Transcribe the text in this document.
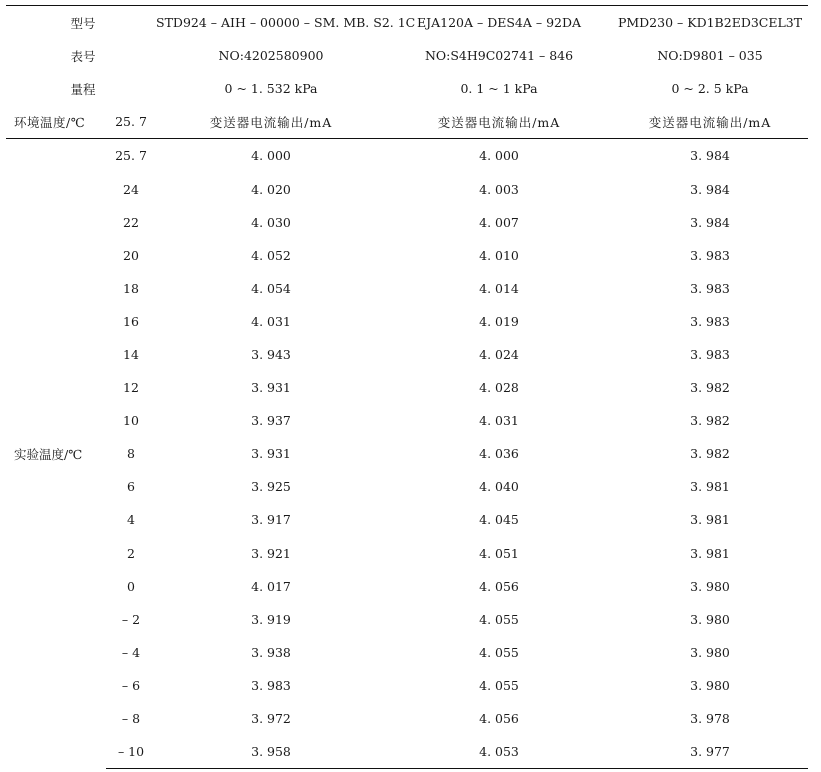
型号		STD924 – AIH – 00000 – SM. MB. S2. 1C	EJA120A – DES4A – 92DA	PMD230 – KD1B2ED3CEL3T
表号		NO:4202580900	NO:S4H9C02741 – 846	NO:D9801 – 035
量程		0 ~ 1. 532 kPa	0. 1 ~ 1 kPa	0 ~ 2. 5 kPa
环境温度/℃	25. 7	变送器电流输出/mA	变送器电流输出/mA	变送器电流输出/mA
实验温度/℃	25. 7	4. 000	4. 000	3. 984
	24	4. 020	4. 003	3. 984
	22	4. 030	4. 007	3. 984
	20	4. 052	4. 010	3. 983
	18	4. 054	4. 014	3. 983
	16	4. 031	4. 019	3. 983
	14	3. 943	4. 024	3. 983
	12	3. 931	4. 028	3. 982
	10	3. 937	4. 031	3. 982
	8	3. 931	4. 036	3. 982
	6	3. 925	4. 040	3. 981
	4	3. 917	4. 045	3. 981
	2	3. 921	4. 051	3. 981
	0	4. 017	4. 056	3. 980
	– 2	3. 919	4. 055	3. 980
	– 4	3. 938	4. 055	3. 980
	– 6	3. 983	4. 055	3. 980
	– 8	3. 972	4. 056	3. 978
	– 10	3. 958	4. 053	3. 977
